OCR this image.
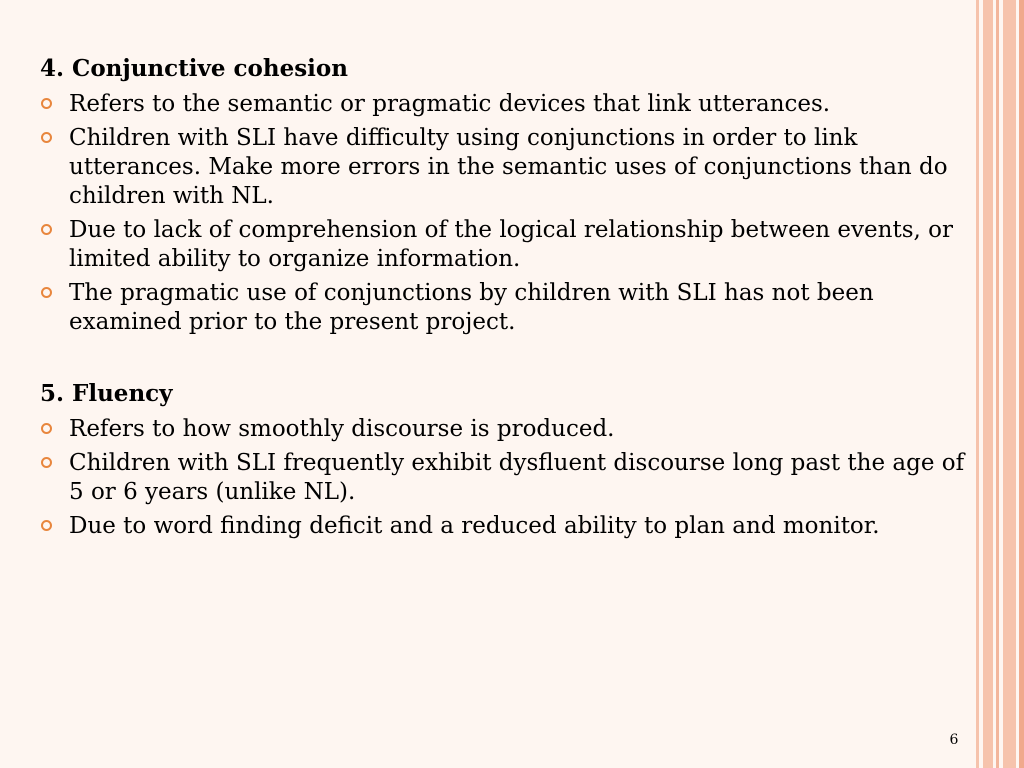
4. Conjunctive cohesion
Refers to the semantic or pragmatic devices that link utterances.
Children with SLI have difficulty using conjunctions in order to link utterances. Make more errors in the semantic uses of conjunctions than do children with NL.
Due to lack of comprehension of the logical relationship between events, or limited ability to organize information.
The pragmatic use of conjunctions by children with SLI has not been examined prior to the present project.
5. Fluency
Refers to how smoothly discourse is produced.
Children with SLI frequently exhibit dysfluent discourse long past the age of 5 or 6 years (unlike NL).
Due to word finding deficit and a reduced ability to plan and monitor.
6
